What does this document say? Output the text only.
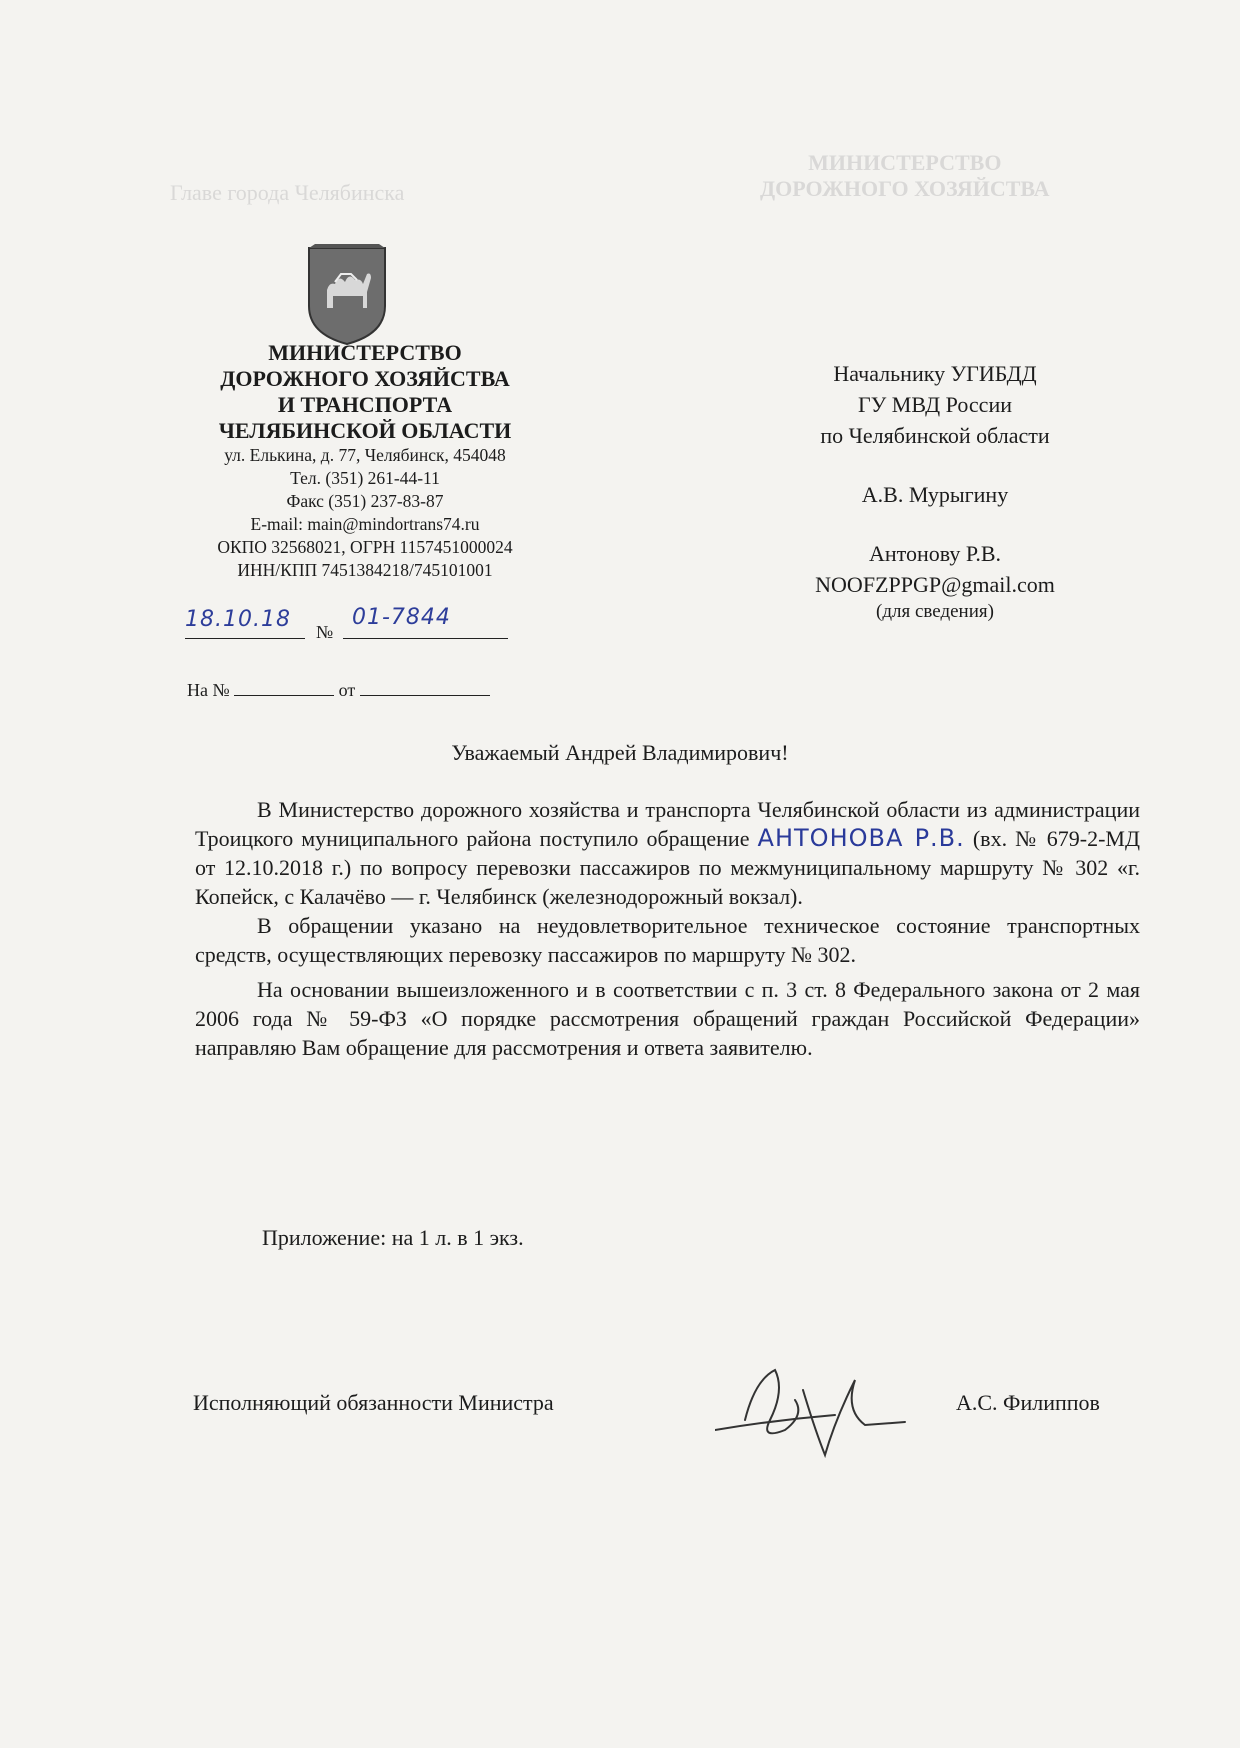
Главе города Челябинска
МИНИСТЕРСТВО
ДОРОЖНОГО ХОЗЯЙСТВА
МИНИСТЕРСТВО
ДОРОЖНОГО ХОЗЯЙСТВА
И ТРАНСПОРТА
ЧЕЛЯБИНСКОЙ ОБЛАСТИ
ул. Елькина, д. 77, Челябинск, 454048
Тел. (351) 261-44-11
Факс (351) 237-83-87
E-mail: main@mindortrans74.ru
ОКПО 32568021, ОГРН 1157451000024
ИНН/КПП 7451384218/745101001
Начальнику УГИБДД
ГУ МВД России
по Челябинской области
А.В. Мурыгину
Антонову Р.В.
NOOFZPPGP@gmail.com
(для сведения)
18.10.18 №
01-7844
На №	от
Уважаемый Андрей Владимирович!

В Министерство дорожного хозяйства и транспорта Челябинской области из администрации Троицкого муниципального района поступило обращение АНТОНОВА Р.В. (вх. № 679-2-МД от 12.10.2018 г.) по вопросу перевозки пассажиров по межмуниципальному маршруту № 302 «г. Копейск, с Калачёво — г. Челябинск (железнодорожный вокзал).

В обращении указано на неудовлетворительное техническое состояние транспортных средств, осуществляющих перевозку пассажиров по маршруту № 302.

На основании вышеизложенного и в соответствии с п. 3 ст. 8 Федерального закона от 2 мая 2006 года № 59-ФЗ «О порядке рассмотрения обращений граждан Российской Федерации» направляю Вам обращение для рассмотрения и ответа заявителю.

Приложение: на 1 л. в 1 экз.
Исполняющий обязанности Министра	А.С. Филиппов
